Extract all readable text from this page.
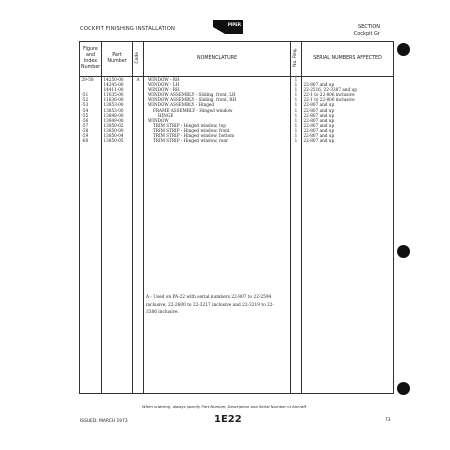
COCKPIT FINISHING INSTALLATION
PIPER	SECTION
Cockpit Gr
Figure and Index Number	Part Number	Code	NOMENCLATURE	No. Req.	SERIAL NUMBERS AFFECTED
29-50	14250-00	A	WINDOW - RH	1	
	14245-00		WINDOW - LH	1	22-807 and up
	14411-00		WINDOW - RH	1	22-2516, 22-3387 and up
-51	11635-00		WINDOW ASSEMBLY - Sliding, front, LH	1	22-1 to 22-806 inclusive
-52	11636-00		WINDOW ASSEMBLY - Sliding, front, RH	1	22-1 to 22-806 inclusive
-53	13853-00		WINDOW ASSEMBLY - Hinged	1	22-807 and up
-54	13853-00		FRAME ASSEMBLY - Hinged window	1	22-807 and up
-55	13848-00		HINGE	1	22-807 and up
-56	13849-00		WINDOW	1	22-807 and up
-57	13850-02		TRIM STRIP - Hinged window, top	1	22-807 and up
-58	13850-00		TRIM STRIP - Hinged window, front	1	22-807 and up
-59	13850-04		TRIM STRIP - Hinged window, bottom	1	22-807 and up
-60	13850-05		TRIM STRIP - Hinged window, rear	1	22-807 and up

A - Used on PA-22 with serial numbers 22-807 to 22-2594 inclusive, 22-2600 to 22-3217 inclusive and 22-3219 to 22-3386 inclusive.
When ordering, always specify Part Number, Description and Serial Number of Aircraft
ISSUED: MARCH 1973	1E22	73
